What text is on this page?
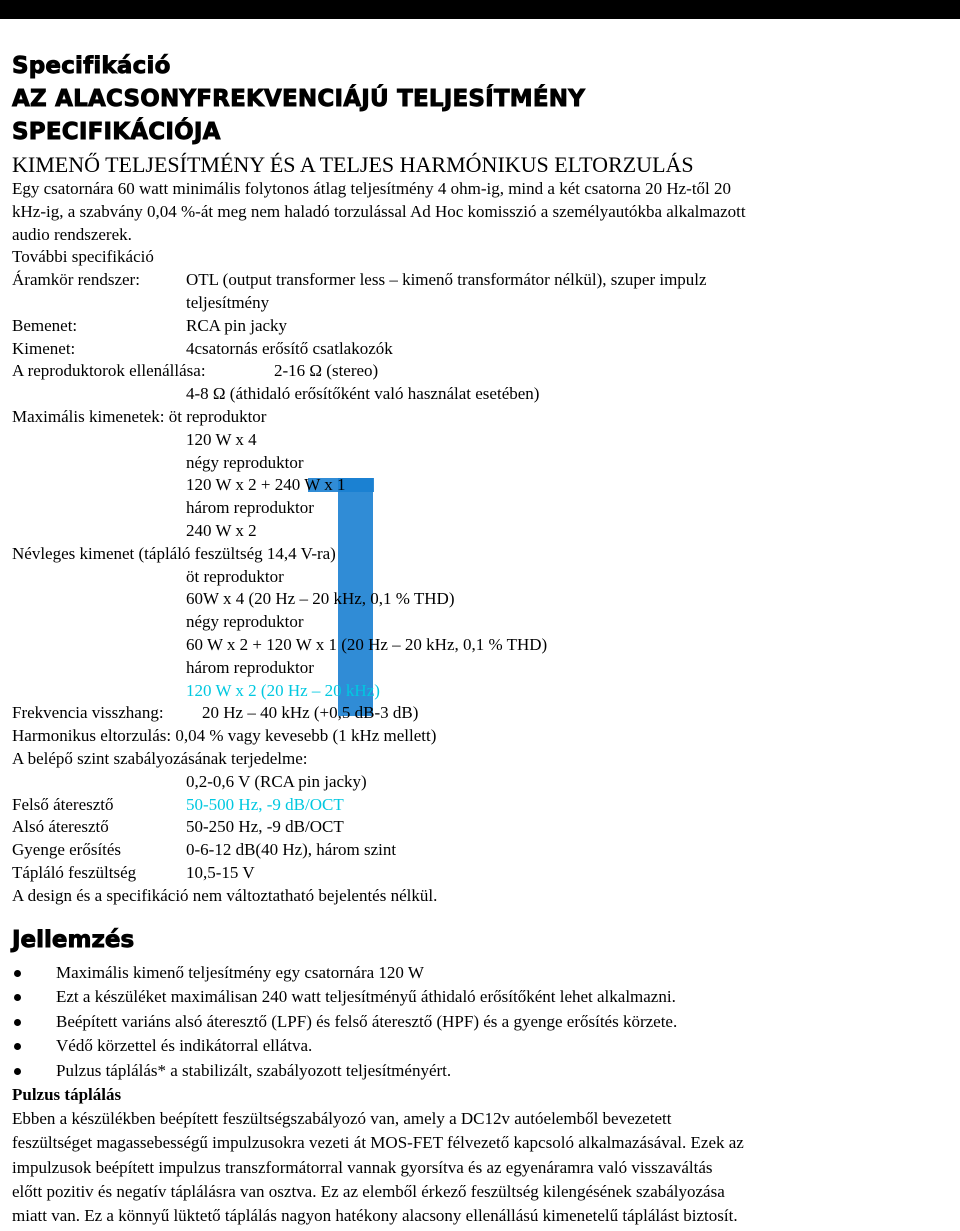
Specifikáció
AZ ALACSONYFREKVENCIÁJÚ TELJESÍTMÉNY
SPECIFIKÁCIÓJA
KIMENŐ TELJESÍTMÉNY ÉS A TELJES HARMÓNIKUS ELTORZULÁS
Egy csatornára 60 watt minimális folytonos átlag teljesítmény 4 ohm-ig, mind a két csatorna 20 Hz-től 20
kHz-ig, a szabvány 0,04 %-át meg nem haladó torzulással Ad Hoc komisszió a személyautókba alkalmazott
audio rendszerek.
További specifikáció
Áramkör rendszer:	OTL (output transformer less – kimenő transformátor nélkül), szuper impulz
teljesítmény
Bemenet:	RCA pin jacky
Kimenet:	4csatornás erősítő csatlakozók
A reproduktorok ellenállása:	2-16 Ω (stereo)
4-8 Ω (áthidaló erősítőként való használat esetében)
Maximális kimenetek: öt reproduktor
120 W x 4
négy reproduktor
120 W x 2 + 240 W x 1
három reproduktor
240 W x 2
Névleges kimenet (tápláló feszültség 14,4 V-ra)
öt reproduktor
60W x 4 (20 Hz – 20 kHz, 0,1 % THD)
négy reproduktor
60 W x 2 + 120 W x 1 (20 Hz – 20 kHz, 0,1 % THD)
három reproduktor
120 W x 2 (20 Hz – 20 kHz)
Frekvencia visszhang: 20 Hz – 40 kHz (+0,5 dB-3 dB)
Harmonikus eltorzulás: 0,04 % vagy kevesebb (1 kHz mellett)
A belépő szint szabályozásának terjedelme:
0,2-0,6 V (RCA pin jacky)
Felső áteresztő	50-500 Hz, -9 dB/OCT
Alsó áteresztő	50-250 Hz, -9 dB/OCT
Gyenge erősítés	0-6-12 dB(40 Hz), három szint
Tápláló feszültség	10,5-15 V
A design és a specifikáció nem változtatható bejelentés nélkül.
Jellemzés
Maximális kimenő teljesítmény egy csatornára 120 W
Ezt a készüléket maximálisan 240 watt teljesítményű áthidaló erősítőként lehet alkalmazni.
Beépített variáns alsó áteresztő (LPF) és felső áteresztő (HPF) és a gyenge erősítés körzete.
Védő körzettel és indikátorral ellátva.
Pulzus táplálás* a stabilizált, szabályozott teljesítményért.
Pulzus táplálás
Ebben a készülékben beépített feszültségszabályozó van, amely a DC12v autóelemből bevezetett
feszültséget magassebességű impulzusokra vezeti át MOS-FET félvezető kapcsoló alkalmazásával. Ezek az
impulzusok beépített impulzus transzformátorral vannak gyorsítva és az egyenáramra való visszaváltás
előtt pozitiv és negatív táplálásra van osztva. Ez az elemből érkező feszültség kilengésének szabályozása
miatt van. Ez a könnyű lüktető táplálás nagyon hatékony alacsony ellenállású kimenetelű táplálást biztosít.
